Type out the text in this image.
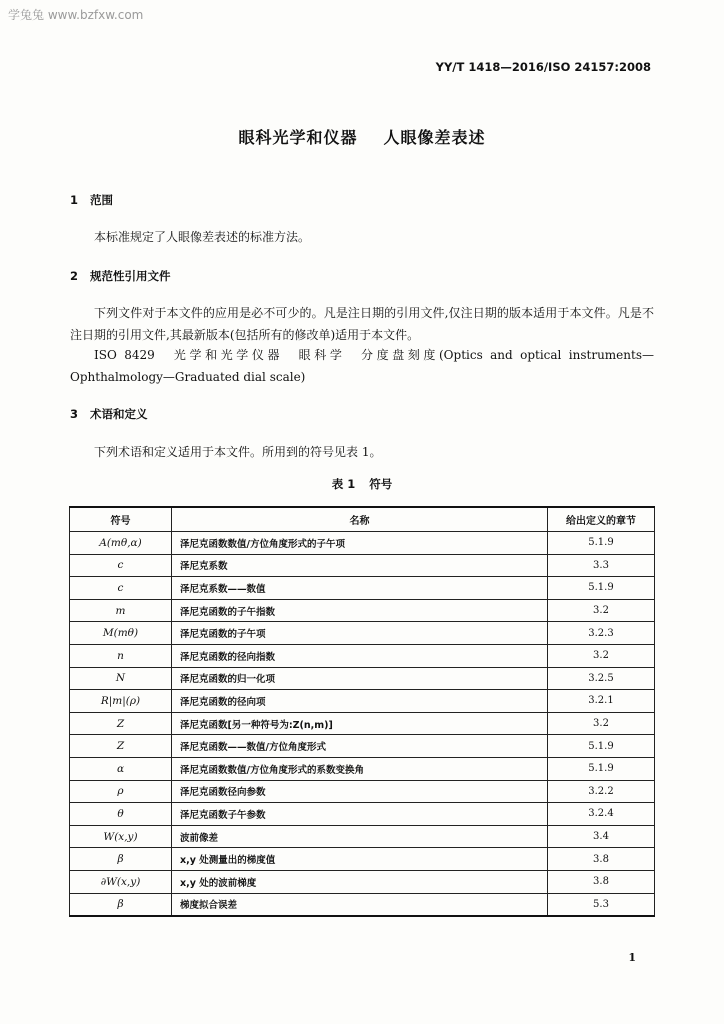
学兔兔 www.bzfxw.com
YY/T 1418—2016/ISO 24157:2008
眼科光学和仪器 人眼像差表述
1 范围
本标准规定了人眼像差表述的标准方法。
2 规范性引用文件
下列文件对于本文件的应用是必不可少的。凡是注日期的引用文件,仅注日期的版本适用于本文件。凡是不注日期的引用文件,其最新版本(包括所有的修改单)适用于本文件。
ISO 8429　光学和光学仪器　眼科学　分度盘刻度(Optics and optical instruments—Ophthalmology—Graduated dial scale)
3 术语和定义
下列术语和定义适用于本文件。所用到的符号见表 1。
表 1 符号
符号	名称	给出定义的章节
A(mθ,α)	泽尼克函数数值/方位角度形式的子午项	5.1.9
c	泽尼克系数	3.3
c	泽尼克系数——数值	5.1.9
m	泽尼克函数的子午指数	3.2
M(mθ)	泽尼克函数的子午项	3.2.3
n	泽尼克函数的径向指数	3.2
N	泽尼克函数的归一化项	3.2.5
R|m|(ρ)	泽尼克函数的径向项	3.2.1
Z	泽尼克函数[另一种符号为:Z(n,m)]	3.2
Z	泽尼克函数——数值/方位角度形式	5.1.9
α	泽尼克函数数值/方位角度形式的系数变换角	5.1.9
ρ	泽尼克函数径向参数	3.2.2
θ	泽尼克函数子午参数	3.2.4
W(x,y)	波前像差	3.4
β	x,y 处测量出的梯度值	3.8
∂W(x,y)	x,y 处的波前梯度	3.8
β	梯度拟合误差	5.3
1
